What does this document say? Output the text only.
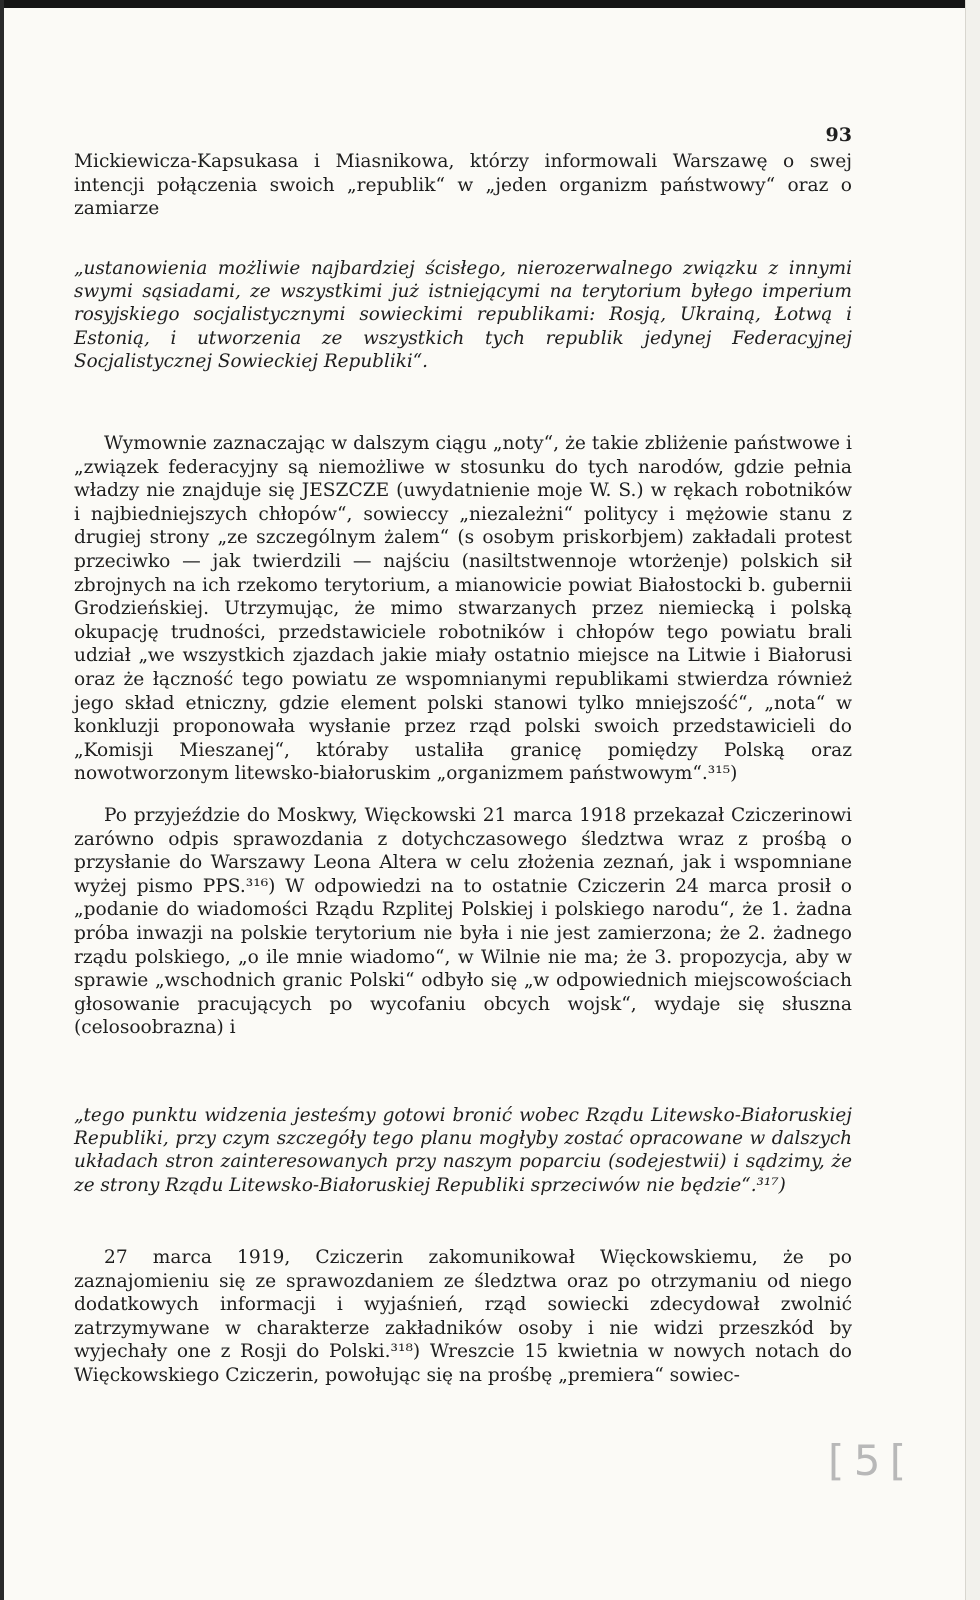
93

Mickiewicza-Kapsukasa i Miasnikowa, którzy informowali Warszawę o swej intencji połączenia swoich „republik“ w „jeden organizm państwowy“ oraz o zamiarze

„ustanowienia możliwie najbardziej ścisłego, nierozerwalnego związku z innymi swymi sąsiadami, ze wszystkimi już istniejącymi na terytorium byłego imperium rosyjskiego socjalistycznymi sowieckimi republikami: Rosją, Ukrainą, Łotwą i Estonią, i utworzenia ze wszystkich tych republik jedynej Federacyjnej Socjalistycznej Sowieckiej Republiki“.

Wymownie zaznaczając w dalszym ciągu „noty“, że takie zbliżenie państwowe i „związek federacyjny są niemożliwe w stosunku do tych narodów, gdzie pełnia władzy nie znajduje się JESZCZE (uwydatnienie moje W. S.) w rękach robotników i najbiedniejszych chłopów“, sowieccy „niezależni“ politycy i mężowie stanu z drugiej strony „ze szczególnym żalem“ (s osobym priskorbjem) zakładali protest przeciwko — jak twierdzili — najściu (nasiltstwennoje wtorżenje) polskich sił zbrojnych na ich rzekomo terytorium, a mianowicie powiat Białostocki b. gubernii Grodzieńskiej. Utrzymując, że mimo stwarzanych przez niemiecką i polską okupację trudności, przedstawiciele robotników i chłopów tego powiatu brali udział „we wszystkich zjazdach jakie miały ostatnio miejsce na Litwie i Białorusi oraz że łączność tego powiatu ze wspomnianymi republikami stwierdza również jego skład etniczny, gdzie element polski stanowi tylko mniejszość“, „nota“ w konkluzji proponowała wysłanie przez rząd polski swoich przedstawicieli do „Komisji Mieszanej“, któraby ustaliła granicę pomiędzy Polską oraz nowotworzonym litewsko-białoruskim „organizmem państwowym“.³¹⁵)

Po przyjeździe do Moskwy, Więckowski 21 marca 1918 przekazał Cziczerinowi zarówno odpis sprawozdania z dotychczasowego śledztwa wraz z prośbą o przysłanie do Warszawy Leona Altera w celu złożenia zeznań, jak i wspomniane wyżej pismo PPS.³¹⁶) W odpowiedzi na to ostatnie Cziczerin 24 marca prosił o „podanie do wiadomości Rządu Rzplitej Polskiej i polskiego narodu“, że 1. żadna próba inwazji na polskie terytorium nie była i nie jest zamierzona; że 2. żadnego rządu polskiego, „o ile mnie wiadomo“, w Wilnie nie ma; że 3. propozycja, aby w sprawie „wschodnich granic Polski“ odbyło się „w odpowiednich miejscowościach głosowanie pracujących po wycofaniu obcych wojsk“, wydaje się słuszna (celosoobrazna) i

„tego punktu widzenia jesteśmy gotowi bronić wobec Rządu Litewsko-Białoruskiej Republiki, przy czym szczegóły tego planu mogłyby zostać opracowane w dalszych układach stron zainteresowanych przy naszym poparciu (sodejestwii) i sądzimy, że ze strony Rządu Litewsko-Białoruskiej Republiki sprzeciwów nie będzie“.³¹⁷)

27 marca 1919, Cziczerin zakomunikował Więckowskiemu, że po zaznajomieniu się ze sprawozdaniem ze śledztwa oraz po otrzymaniu od niego dodatkowych informacji i wyjaśnień, rząd sowiecki zdecydował zwolnić zatrzymywane w charakterze zakładników osoby i nie widzi przeszkód by wyjechały one z Rosji do Polski.³¹⁸) Wreszcie 15 kwietnia w nowych notach do Więckowskiego Cziczerin, powołując się na prośbę „premiera“ sowiec-

[ 5 [
